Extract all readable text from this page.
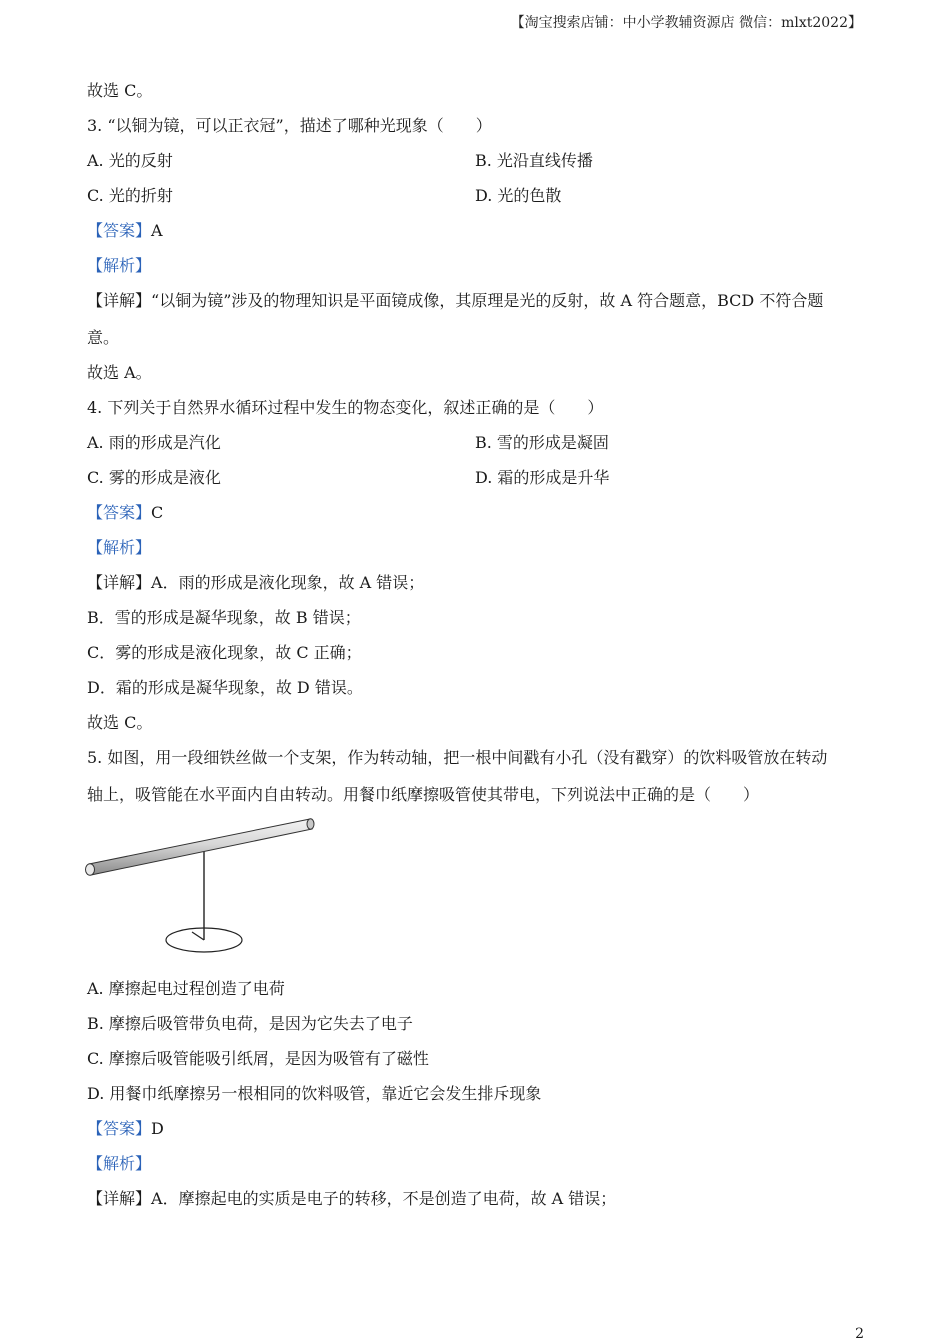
【淘宝搜索店铺：中小学教辅资源店 微信：mlxt2022】
故选 C。
3. “以铜为镜，可以正衣冠”，描述了哪种光现象（　　）
A. 光的反射	B. 光沿直线传播
C. 光的折射	D. 光的色散
【答案】A
【解析】
【详解】“以铜为镜”涉及的物理知识是平面镜成像，其原理是光的反射，故 A 符合题意，BCD 不符合题
意。
故选 A。
4. 下列关于自然界水循环过程中发生的物态变化，叙述正确的是（　　）
A. 雨的形成是汽化	B. 雪的形成是凝固
C. 雾的形成是液化	D. 霜的形成是升华
【答案】C
【解析】
【详解】A．雨的形成是液化现象，故 A 错误；
B．雪的形成是凝华现象，故 B 错误；
C．雾的形成是液化现象，故 C 正确；
D．霜的形成是凝华现象，故 D 错误。
故选 C。
5. 如图，用一段细铁丝做一个支架，作为转动轴，把一根中间戳有小孔（没有戳穿）的饮料吸管放在转动
轴上，吸管能在水平面内自由转动。用餐巾纸摩擦吸管使其带电，下列说法中正确的是（　　）
A. 摩擦起电过程创造了电荷
B. 摩擦后吸管带负电荷，是因为它失去了电子
C. 摩擦后吸管能吸引纸屑，是因为吸管有了磁性
D. 用餐巾纸摩擦另一根相同的饮料吸管，靠近它会发生排斥现象
【答案】D
【解析】
【详解】A．摩擦起电的实质是电子的转移，不是创造了电荷，故 A 错误；
2
